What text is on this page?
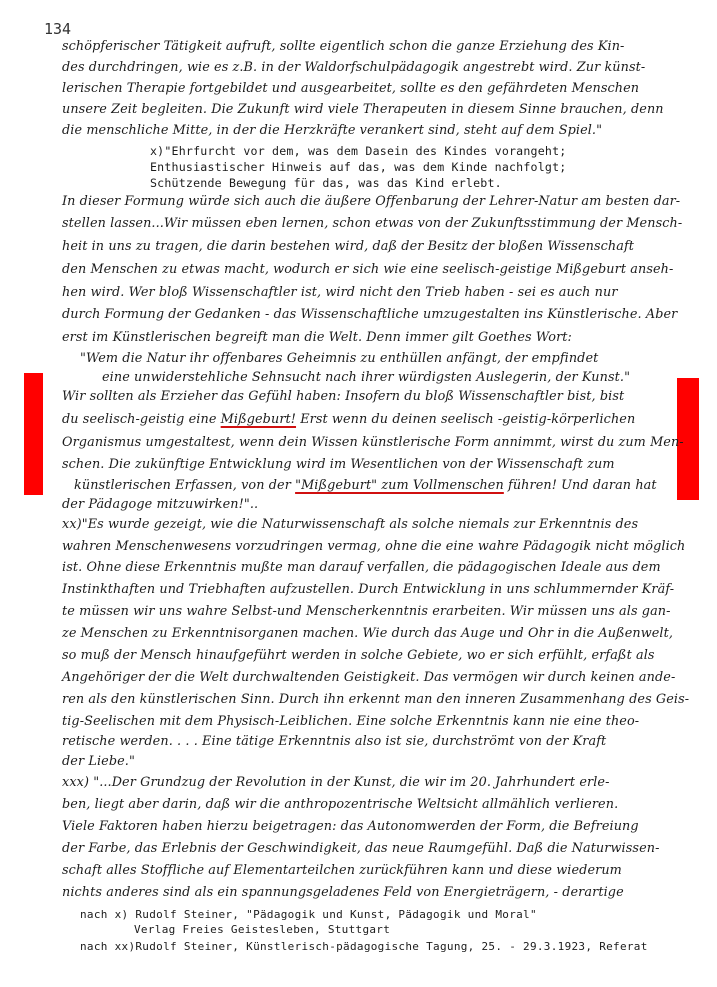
134
schöpferischer Tätigkeit aufruft, sollte eigentlich schon die ganze Erziehung des Kin-
des durchdringen, wie es z.B. in der Waldorfschulpädagogik angestrebt wird. Zur künst-
lerischen Therapie fortgebildet und ausgearbeitet, sollte es den gefährdeten Menschen
unsere Zeit begleiten. Die Zukunft wird viele Therapeuten in diesem Sinne brauchen, denn
die menschliche Mitte, in der die Herzkräfte verankert sind, steht auf dem Spiel."
x)"Ehrfurcht vor dem, was dem Dasein des Kindes vorangeht;
Enthusiastischer Hinweis auf das, was dem Kinde nachfolgt;
Schützende Bewegung für das, was das Kind erlebt.
In dieser Formung würde sich auch die äußere Offenbarung der Lehrer-Natur am besten dar-
stellen lassen...Wir müssen eben lernen, schon etwas von der Zukunftsstimmung der Mensch-
heit in uns zu tragen, die darin bestehen wird, daß der Besitz der bloßen Wissenschaft
den Menschen zu etwas macht, wodurch er sich wie eine seelisch-geistige Mißgeburt anseh-
hen wird. Wer bloß Wissenschaftler ist, wird nicht den Trieb haben - sei es auch nur
durch Formung der Gedanken - das Wissenschaftliche umzugestalten ins Künstlerische. Aber
erst im Künstlerischen begreift man die Welt. Denn immer gilt Goethes Wort:
"Wem die Natur ihr offenbares Geheimnis zu enthüllen anfängt, der empfindet
eine unwiderstehliche Sehnsucht nach ihrer würdigsten Auslegerin, der Kunst."
Wir sollten als Erzieher das Gefühl haben: Insofern du bloß Wissenschaftler bist, bist
du seelisch-geistig eine Mißgeburt! Erst wenn du deinen seelisch -geistig-körperlichen
Organismus umgestaltest, wenn dein Wissen künstlerische Form annimmt, wirst du zum Men-
schen. Die zukünftige Entwicklung wird im Wesentlichen von der Wissenschaft zum
künstlerischen Erfassen, von der "Mißgeburt" zum Vollmenschen führen! Und daran hat
der Pädagoge mitzuwirken!"..
xx)"Es wurde gezeigt, wie die Naturwissenschaft als solche niemals zur Erkenntnis des
wahren Menschenwesens vorzudringen vermag, ohne die eine wahre Pädagogik nicht möglich
ist. Ohne diese Erkenntnis mußte man darauf verfallen, die pädagogischen Ideale aus dem
Instinkthaften und Triebhaften aufzustellen. Durch Entwicklung in uns schlummernder Kräf-
te müssen wir uns wahre Selbst-und Menscherkenntnis erarbeiten. Wir müssen uns als gan-
ze Menschen zu Erkenntnisorganen machen. Wie durch das Auge und Ohr in die Außenwelt,
so muß der Mensch hinaufgeführt werden in solche Gebiete, wo er sich erfühlt, erfaßt als
Angehöriger der die Welt durchwaltenden Geistigkeit. Das vermögen wir durch keinen ande-
ren als den künstlerischen Sinn. Durch ihn erkennt man den inneren Zusammenhang des Geis-
tig-Seelischen mit dem Physisch-Leiblichen. Eine solche Erkenntnis kann nie eine theo-
retische werden. . . . Eine tätige Erkenntnis also ist sie, durchströmt von der Kraft
der Liebe."
xxx) "...Der Grundzug der Revolution in der Kunst, die wir im 20. Jahrhundert erle-
ben, liegt aber darin, daß wir die anthropozentrische Weltsicht allmählich verlieren.
Viele Faktoren haben hierzu beigetragen: das Autonomwerden der Form, die Befreiung
der Farbe, das Erlebnis der Geschwindigkeit, das neue Raumgefühl. Daß die Naturwissen-
schaft alles Stoffliche auf Elementarteilchen zurückführen kann und diese wiederum
nichts anderes sind als ein spannungsgeladenes Feld von Energieträgern, - derartige
nach x) Rudolf Steiner, "Pädagogik und Kunst, Pädagogik und Moral"
Verlag Freies Geistesleben, Stuttgart
nach xx)Rudolf Steiner, Künstlerisch-pädagogische Tagung, 25. - 29.3.1923, Referat
